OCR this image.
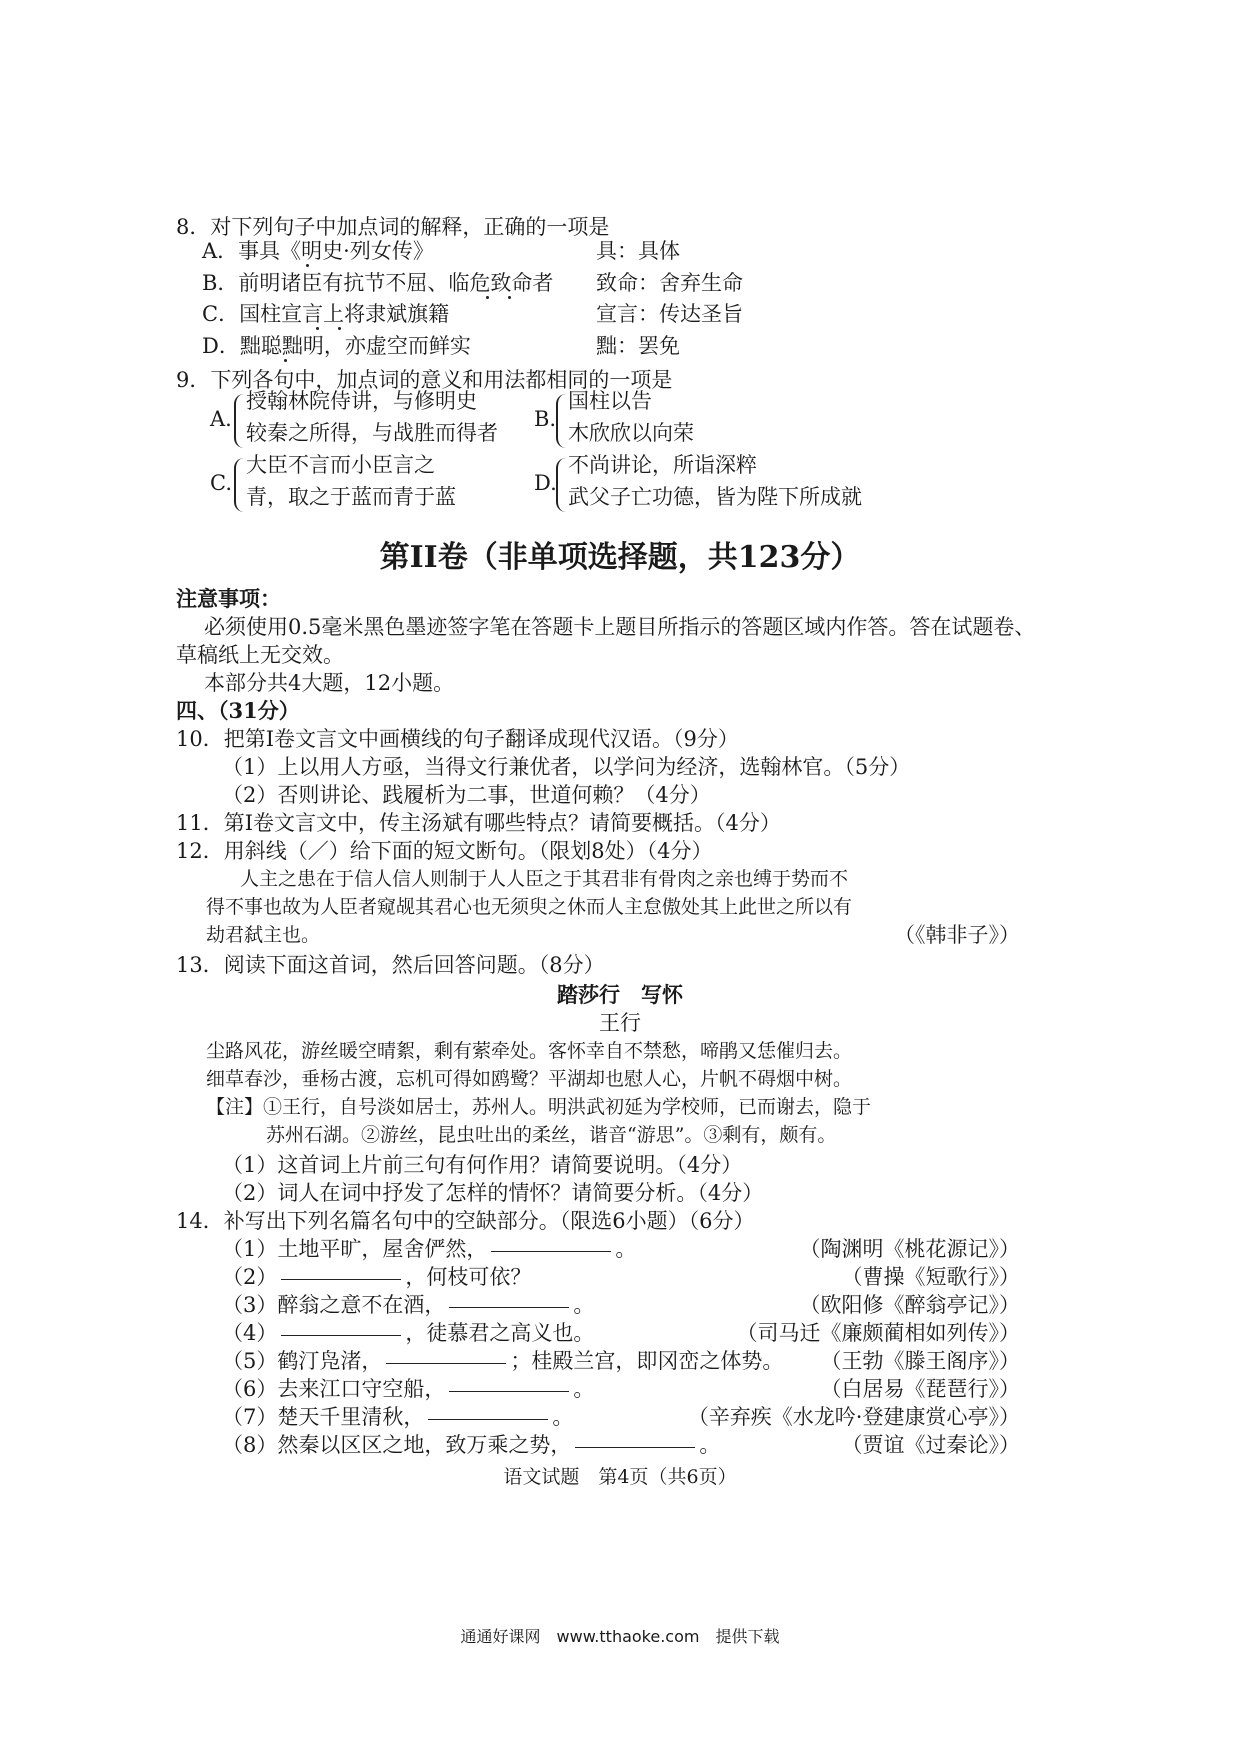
8．对下列句子中加点词的解释，正确的一项是
A．事具《明史·列女传》	具：具体
B．前明诸臣有抗节不屈、临危致命者 致命：舍弃生命
C．国柱宣言上将隶斌旗籍	宣言：传达圣旨
D．黜聪黜明，亦虚空而鲜实	黜：罢免
9．下列各句中，加点词的意义和用法都相同的一项是
A.
授翰林院侍讲，与修明史
较秦之所得，与战胜而得者
B.
国柱以告
木欣欣以向荣
C.
大臣不言而小臣言之
青，取之于蓝而青于蓝
D.
不尚讲论，所诣深粹
武父子亡功德，皆为陛下所成就
第II卷（非单项选择题，共123分）
注意事项：
必须使用0.5毫米黑色墨迹签字笔在答题卡上题目所指示的答题区域内作答。答在试题卷、
草稿纸上无交效。
本部分共4大题，12小题。
四、（31分）
10．把第Ⅰ卷文言文中画横线的句子翻译成现代汉语。（9分）
（1）上以用人方亟，当得文行兼优者，以学问为经济，选翰林官。（5分）
（2）否则讲论、践履析为二事，世道何赖？（4分）
11．第Ⅰ卷文言文中，传主汤斌有哪些特点？请简要概括。（4分）
12．用斜线（／）给下面的短文断句。（限划8处）（4分）
人主之患在于信人信人则制于人人臣之于其君非有骨肉之亲也缚于势而不
得不事也故为人臣者窥觇其君心也无须臾之休而人主怠傲处其上此世之所以有
劫君弑主也。	（《韩非子》）
13．阅读下面这首词，然后回答问题。（8分）
踏莎行　写怀
王行
尘路风花，游丝暖空晴絮，剩有萦牵处。客怀幸自不禁愁，啼鹃又恁催归去。
细草春沙，垂杨古渡，忘机可得如鸥鹭？平湖却也慰人心，片帆不碍烟中树。
【注】①王行，自号淡如居士，苏州人。明洪武初延为学校师，已而谢去，隐于
苏州石湖。②游丝，昆虫吐出的柔丝，谐音“游思”。③剩有，颇有。
（1）这首词上片前三句有何作用？请简要说明。（4分）
（2）词人在词中抒发了怎样的情怀？请简要分析。（4分）
14．补写出下列名篇名句中的空缺部分。（限选6小题）（6分）
（1）土地平旷，屋舍俨然，	。	（陶渊明《桃花源记》）
（2）	，何枝可依？	（曹操《短歌行》）
（3）醉翁之意不在酒，	。	（欧阳修《醉翁亭记》）
（4）	，徒慕君之高义也。	（司马迁《廉颇蔺相如列传》）
（5）鹤汀凫渚，	；桂殿兰宫，即冈峦之体势。	（王勃《滕王阁序》）
（6）去来江口守空船，	。	（白居易《琵琶行》）
（7）楚天千里清秋，	。	（辛弃疾《水龙吟·登建康赏心亭》）
（8）然秦以区区之地，致万乘之势，	。	（贾谊《过秦论》）
语文试题　第4页（共6页）
通通好课网　www.tthaoke.com　提供下载
